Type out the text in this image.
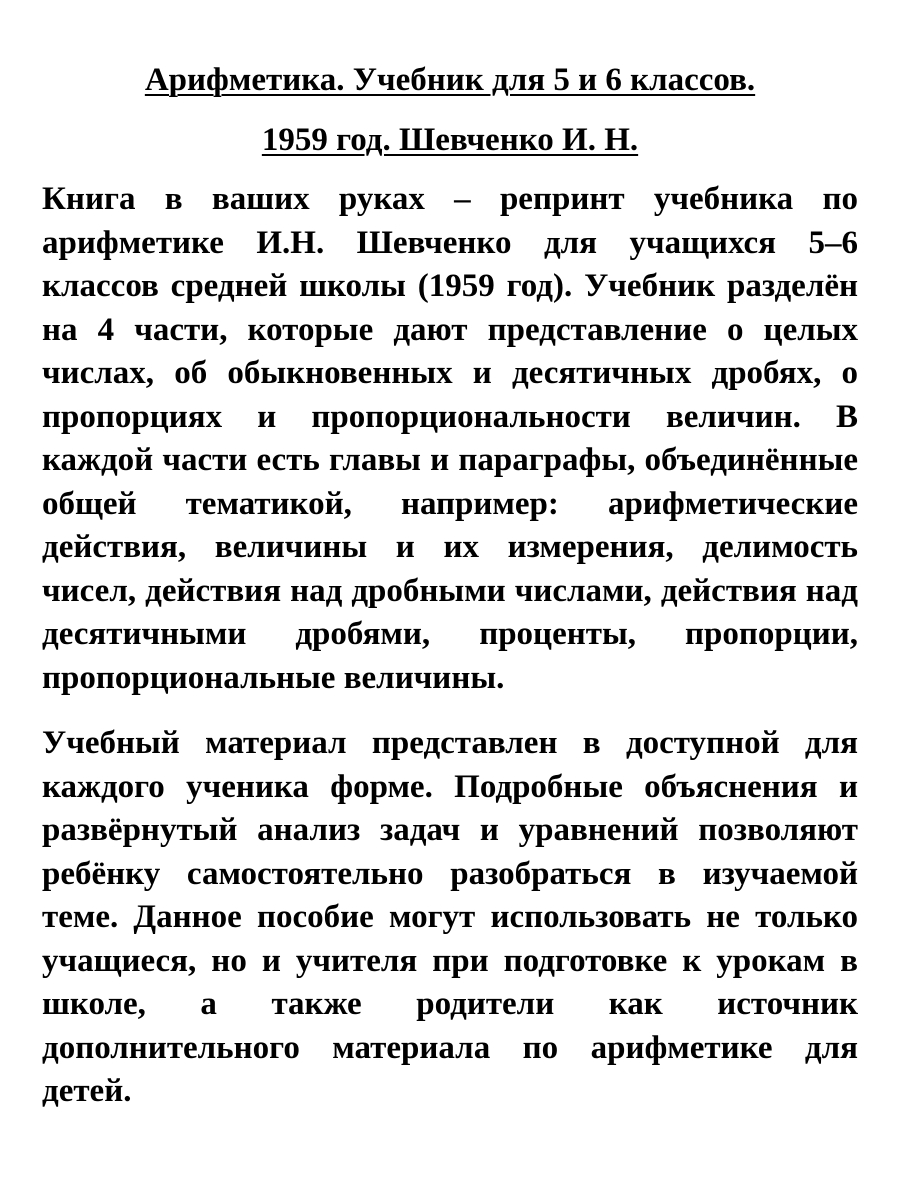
Арифметика. Учебник для 5 и 6 классов.
1959 год. Шевченко И. Н.

Книга в ваших руках – репринт учебника по арифметике И.Н. Шевченко для учащихся 5–6 классов средней школы (1959 год). Учебник разделён на 4 части, которые дают представление о целых числах, об обыкновенных и десятичных дробях, о пропорциях и пропорциональности величин. В каждой части есть главы и параграфы, объединённые общей тематикой, например: арифметические действия, величины и их измерения, делимость чисел, действия над дробными числами, действия над десятичными дробями, проценты, пропорции, пропорциональные величины.

Учебный материал представлен в доступной для каждого ученика форме. Подробные объяснения и развёрнутый анализ задач и уравнений позволяют ребёнку самостоятельно разобраться в изучаемой теме. Данное пособие могут использовать не только учащиеся, но и учителя при подготовке к урокам в школе, а также родители как источник дополнительного материала по арифметике для детей.
